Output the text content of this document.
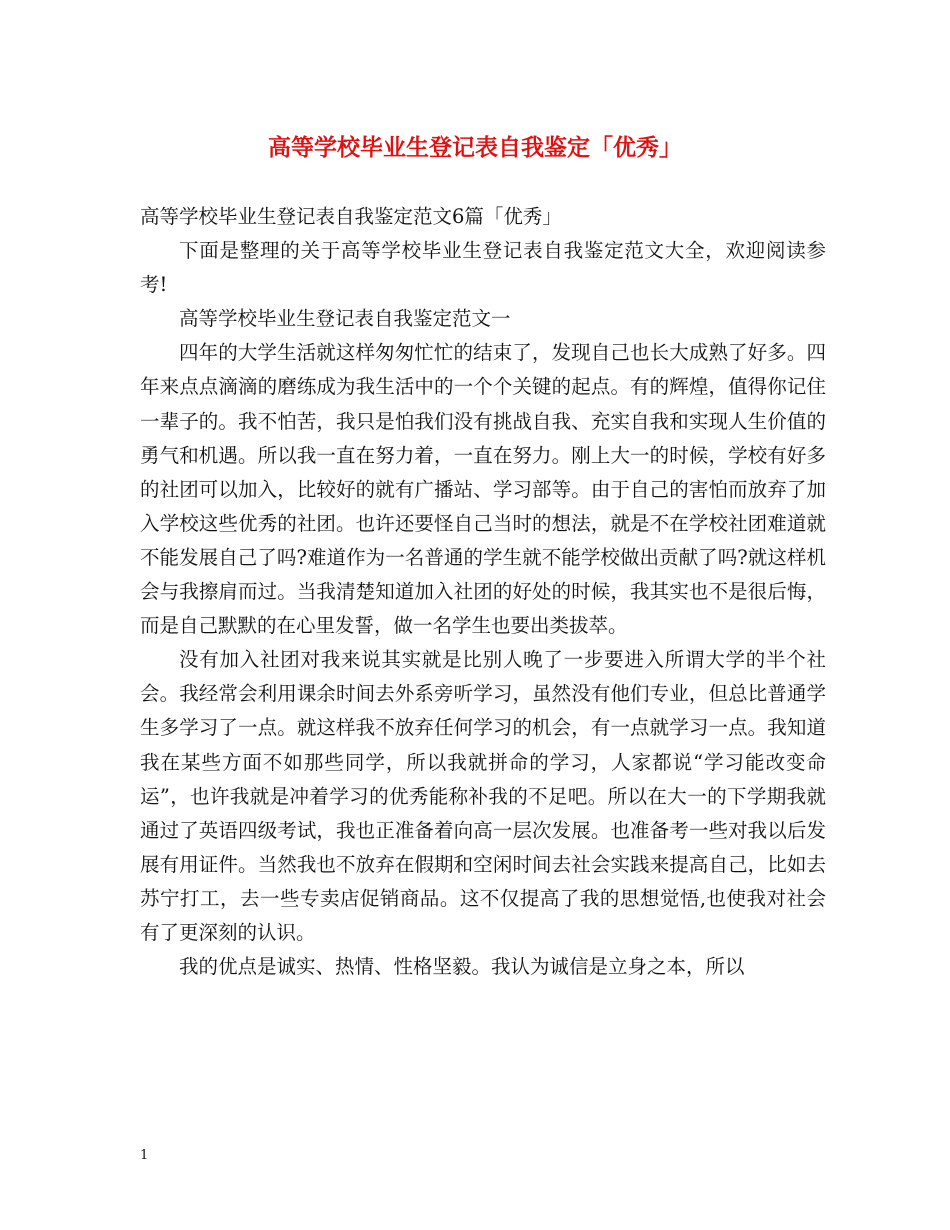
高等学校毕业生登记表自我鉴定「优秀」

高等学校毕业生登记表自我鉴定范文6篇「优秀」

下面是整理的关于高等学校毕业生登记表自我鉴定范文大全，欢迎阅读参考!

高等学校毕业生登记表自我鉴定范文一

四年的大学生活就这样匆匆忙忙的结束了，发现自己也长大成熟了好多。四年来点点滴滴的磨练成为我生活中的一个个关键的起点。有的辉煌，值得你记住一辈子的。我不怕苦，我只是怕我们没有挑战自我、充实自我和实现人生价值的勇气和机遇。所以我一直在努力着，一直在努力。刚上大一的时候，学校有好多的社团可以加入，比较好的就有广播站、学习部等。由于自己的害怕而放弃了加入学校这些优秀的社团。也许还要怪自己当时的想法，就是不在学校社团难道就不能发展自己了吗?难道作为一名普通的学生就不能学校做出贡献了吗?就这样机会与我擦肩而过。当我清楚知道加入社团的好处的时候，我其实也不是很后悔，而是自己默默的在心里发誓，做一名学生也要出类拔萃。

没有加入社团对我来说其实就是比别人晚了一步要进入所谓大学的半个社会。我经常会利用课余时间去外系旁听学习，虽然没有他们专业，但总比普通学生多学习了一点。就这样我不放弃任何学习的机会，有一点就学习一点。我知道我在某些方面不如那些同学，所以我就拼命的学习，人家都说“学习能改变命运”，也许我就是冲着学习的优秀能称补我的不足吧。所以在大一的下学期我就通过了英语四级考试，我也正准备着向高一层次发展。也准备考一些对我以后发展有用证件。当然我也不放弃在假期和空闲时间去社会实践来提高自己，比如去苏宁打工，去一些专卖店促销商品。这不仅提高了我的思想觉悟,也使我对社会有了更深刻的认识。

我的优点是诚实、热情、性格坚毅。我认为诚信是立身之本，所以

1
